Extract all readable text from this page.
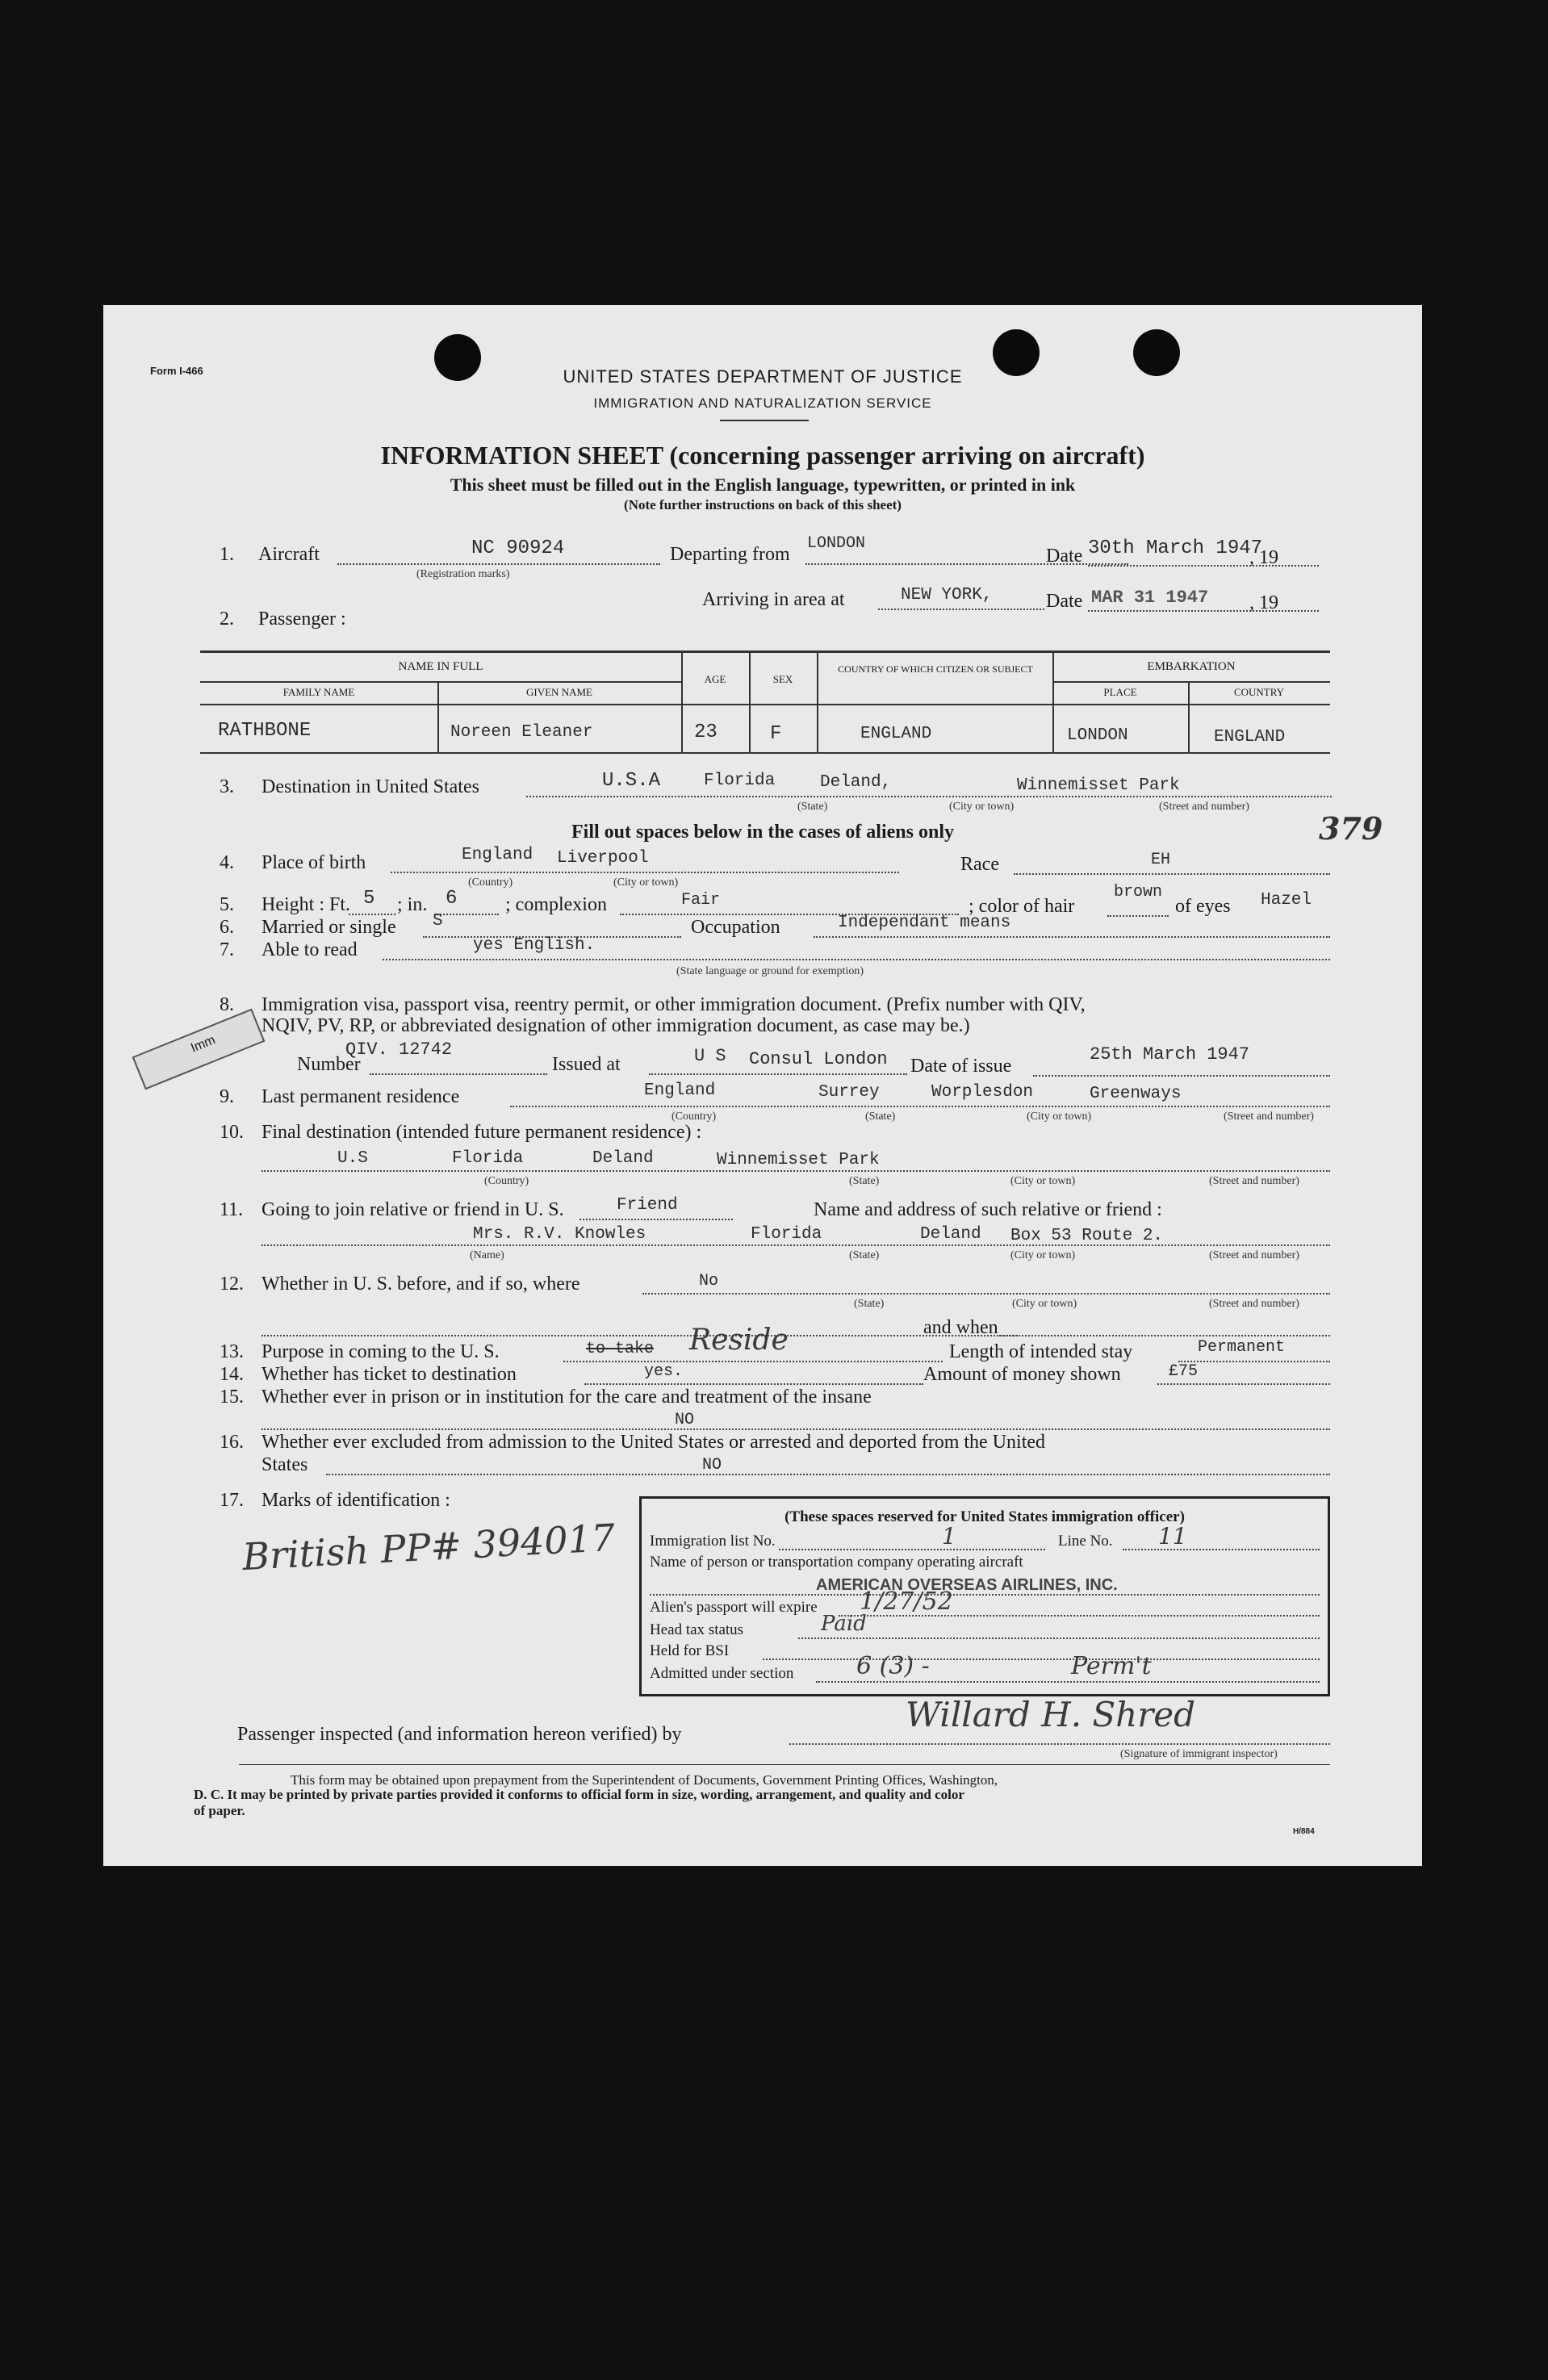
Form I-466	UNITED STATES DEPARTMENT OF JUSTICE
IMMIGRATION AND NATURALIZATION SERVICE
INFORMATION SHEET (concerning passenger arriving on aircraft)
This sheet must be filled out in the English language, typewritten, or printed in ink
(Note further instructions on back of this sheet)
1. Aircraft	NC 90924
(Registration marks)
Departing from
LONDON
Date 30th March 1947
, 19
Arriving in area at	NEW YORK,	Date MAR 31 1947 , 19
2. Passenger :
NAME IN FULL
FAMILY NAME	GIVEN NAME
AGE	SEX
COUNTRY OF WHICH CITIZEN OR SUBJECT	EMBARKATION
PLACE	COUNTRY
RATHBONE	Noreen Eleaner	23	F	ENGLAND	LONDON	ENGLAND
3. Destination in United States	U.S.A	Florida	Deland,	Winnemisset Park
(State)	(City or town)	(Street and number)
379
Fill out spaces below in the cases of aliens only
4. Place of birth	England Liverpool
(Country)	(City or town)
Race	EH
5. Height : Ft. 5 ; in. 6 ; complexion	Fair	; color of hair
brown
of eyes Hazel
6. Married or single S	Occupation	Independant means
7. Able to read	yes English.
(State language or ground for exemption)
8. Immigration visa, passport visa, reentry permit, or other immigration document. (Prefix number with QIV,
NQIV, PV, RP, or abbreviated designation of other immigration document, as case may be.)
Imm
Number
QIV. 12742
Issued at	U S Consul London Date of issue
25th March 1947
9. Last permanent residence	England	Surrey	Worplesdon	Greenways
(Country)	(State)	(City or town)	(Street and number)
10. Final destination (intended future permanent residence) :
U.S	Florida	Deland	Winnemisset Park
(Country)	(State)	(City or town)	(Street and number)
11. Going to join relative or friend in U. S.	Friend	Name and address of such relative or friend :
Mrs. R.V. Knowles	Florida	Deland Box 53 Route 2.
(Name)	(State)	(City or town)	(Street and number)
12. Whether in U. S. before, and if so, where	No
(State)	(City or town)	(Street and number)
and when
13. Purpose in coming to the U. S.	to take Reside	Length of intended stay	Permanent
14. Whether has ticket to destination	yes.	Amount of money shown	£75
15. Whether ever in prison or in institution for the care and treatment of the insane
NO
16. Whether ever excluded from admission to the United States or arrested and deported from the United
States	NO
17. Marks of identification :
British PP# 394017	(These spaces reserved for United States immigration officer)
Immigration list No.	1	Line No. 11
Name of person or transportation company operating aircraft
AMERICAN OVERSEAS AIRLINES, INC.
Alien's passport will expire 1/27/52
Head tax status	Paid
Held for BSI
Admitted under section	6 (3) -	Perm't
Passenger inspected (and information hereon verified) by	Willard H. Shred
(Signature of immigrant inspector)
This form may be obtained upon prepayment from the Superintendent of Documents, Government Printing Offices, Washington,
D. C. It may be printed by private parties provided it conforms to official form in size, wording, arrangement, and quality and color
of paper.
H/884
